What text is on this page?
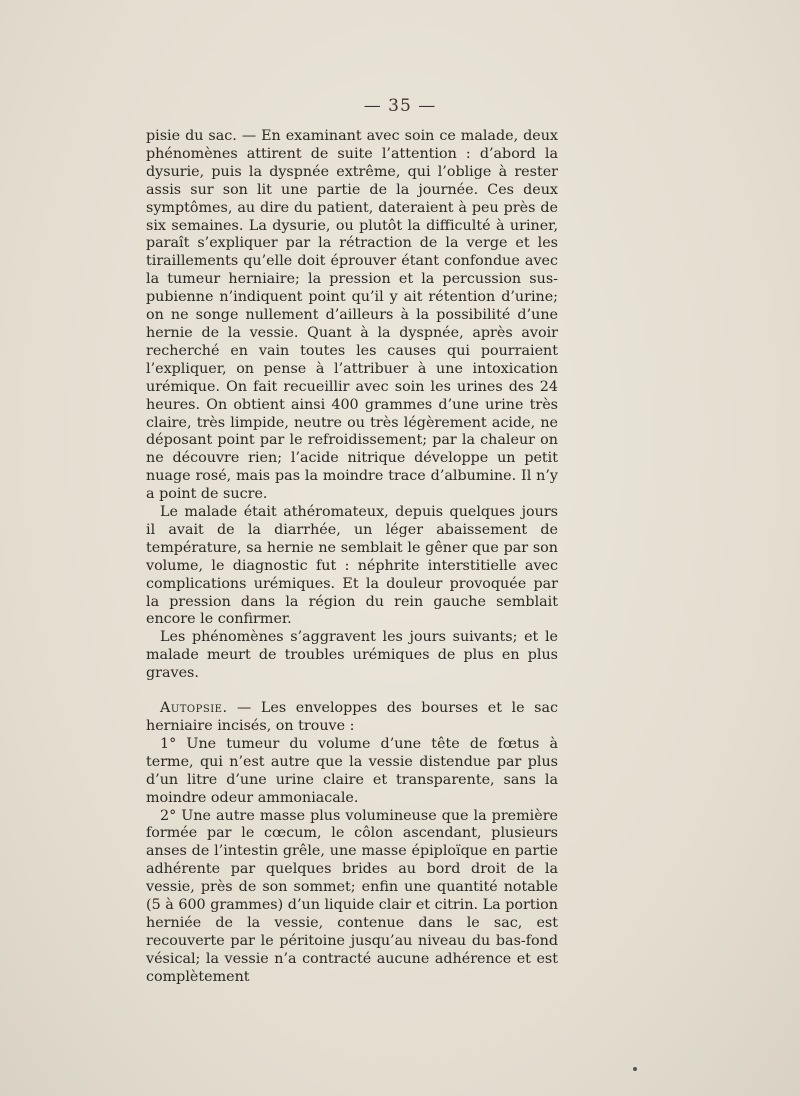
— 35 —

pisie du sac. — En examinant avec soin ce malade, deux phénomènes attirent de suite l’attention : d’abord la dysurie, puis la dyspnée extrême, qui l’oblige à rester assis sur son lit une partie de la journée. Ces deux symptômes, au dire du patient, dateraient à peu près de six semaines. La dysurie, ou plutôt la difficulté à uriner, paraît s’expliquer par la rétraction de la verge et les tiraillements qu’elle doit éprouver étant confondue avec la tumeur herniaire; la pression et la percussion sus-pubienne n’indiquent point qu’il y ait rétention d’urine; on ne songe nullement d’ailleurs à la possibilité d’une hernie de la vessie. Quant à la dyspnée, après avoir recherché en vain toutes les causes qui pourraient l’expliquer, on pense à l’attribuer à une intoxication urémique. On fait recueillir avec soin les urines des 24 heures. On obtient ainsi 400 grammes d’une urine très claire, très limpide, neutre ou très légèrement acide, ne déposant point par le refroidissement; par la chaleur on ne découvre rien; l’acide nitrique développe un petit nuage rosé, mais pas la moindre trace d’albumine. Il n’y a point de sucre.

Le malade était athéromateux, depuis quelques jours il avait de la diarrhée, un léger abaissement de température, sa hernie ne semblait le gêner que par son volume, le diagnostic fut : néphrite interstitielle avec complications urémiques. Et la douleur provoquée par la pression dans la région du rein gauche semblait encore le confirmer.

Les phénomènes s’aggravent les jours suivants; et le malade meurt de troubles urémiques de plus en plus graves.

Autopsie. — Les enveloppes des bourses et le sac herniaire incisés, on trouve :

1° Une tumeur du volume d’une tête de fœtus à terme, qui n’est autre que la vessie distendue par plus d’un litre d’une urine claire et transparente, sans la moindre odeur ammoniacale.

2° Une autre masse plus volumineuse que la première formée par le cœcum, le côlon ascendant, plusieurs anses de l’intestin grêle, une masse épiploïque en partie adhérente par quelques brides au bord droit de la vessie, près de son sommet; enfin une quantité notable (5 à 600 grammes) d’un liquide clair et citrin. La portion herniée de la vessie, contenue dans le sac, est recouverte par le péritoine jusqu’au niveau du bas-fond vésical; la vessie n’a contracté aucune adhérence et est complètement
